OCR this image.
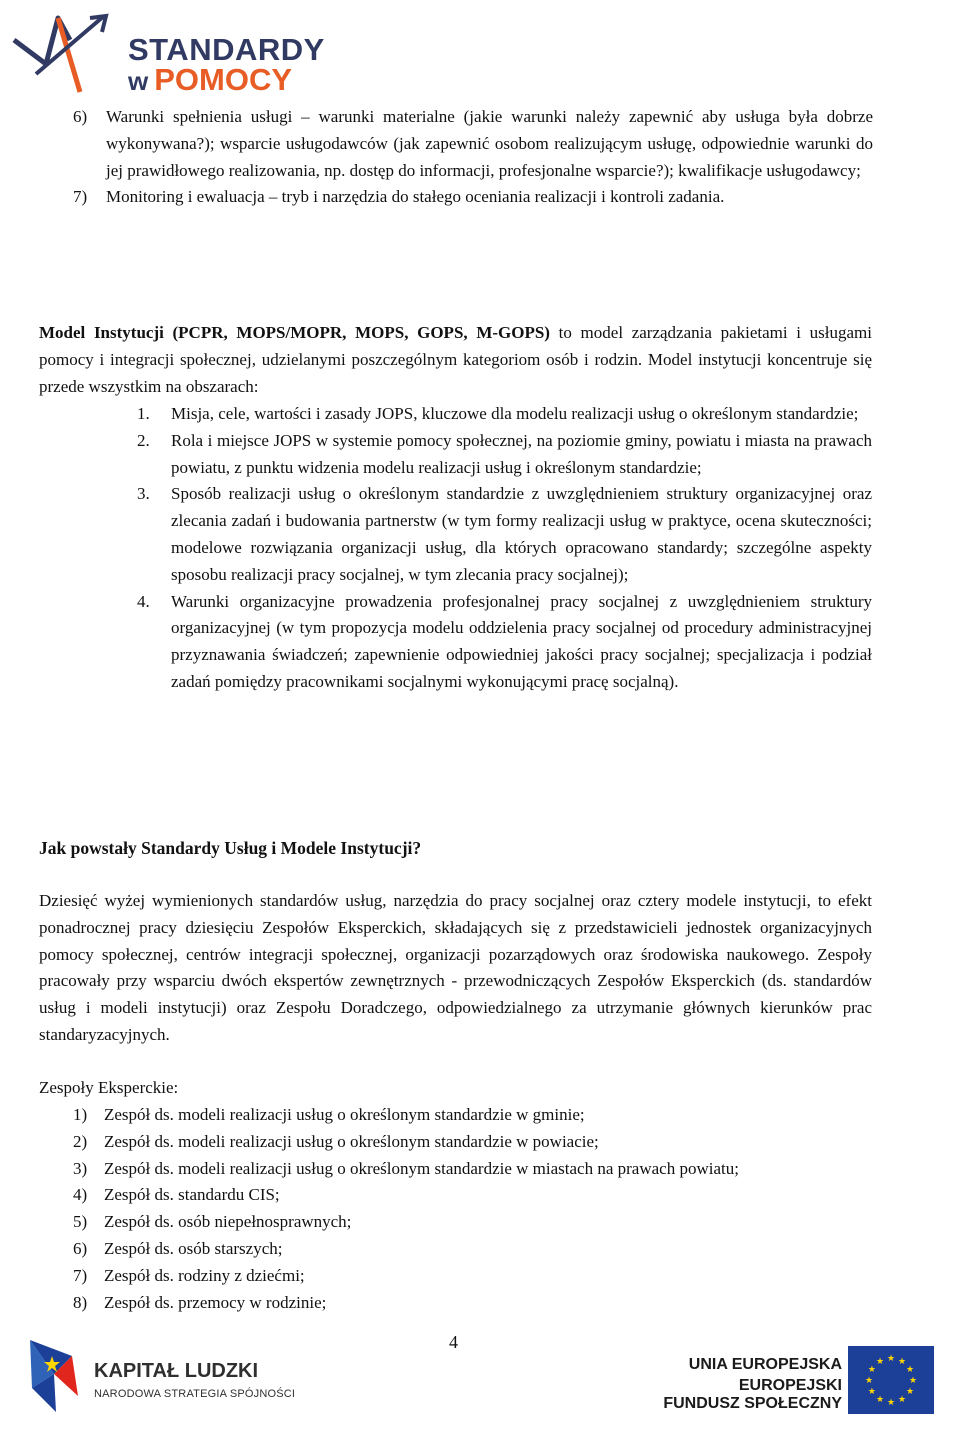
STANDARDY
w POMOCY
6) Warunki spełnienia usługi – warunki materialne (jakie warunki należy zapewnić aby usługa była dobrze wykonywana?); wsparcie usługodawców (jak zapewnić osobom realizującym usługę, odpowiednie warunki do jej prawidłowego realizowania, np. dostęp do informacji, profesjonalne wsparcie?); kwalifikacje usługodawcy;
7) Monitoring i ewaluacja – tryb i narzędzia do stałego oceniania realizacji i kontroli zadania.

Model Instytucji (PCPR, MOPS/MOPR, MOPS, GOPS, M-GOPS) to model zarządzania pakietami i usługami pomocy i integracji społecznej, udzielanymi poszczególnym kategoriom osób i rodzin. Model instytucji koncentruje się przede wszystkim na obszarach:

1. Misja, cele, wartości i zasady JOPS, kluczowe dla modelu realizacji usług o określonym standardzie;
2. Rola i miejsce JOPS w systemie pomocy społecznej, na poziomie gminy, powiatu i miasta na prawach powiatu, z punktu widzenia modelu realizacji usług i określonym standardzie;
3. Sposób realizacji usług o określonym standardzie z uwzględnieniem struktury organizacyjnej oraz zlecania zadań i budowania partnerstw (w tym formy realizacji usług w praktyce, ocena skuteczności; modelowe rozwiązania organizacji usług, dla których opracowano standardy; szczególne aspekty sposobu realizacji pracy socjalnej, w tym zlecania pracy socjalnej);
4. Warunki organizacyjne prowadzenia profesjonalnej pracy socjalnej z uwzględnieniem struktury organizacyjnej (w tym propozycja modelu oddzielenia pracy socjalnej od procedury administracyjnej przyznawania świadczeń; zapewnienie odpowiedniej jakości pracy socjalnej; specjalizacja i podział zadań pomiędzy pracownikami socjalnymi wykonującymi pracę socjalną).
Jak powstały Standardy Usług i Modele Instytucji?

Dziesięć wyżej wymienionych standardów usług, narzędzia do pracy socjalnej oraz cztery modele instytucji, to efekt ponadrocznej pracy dziesięciu Zespołów Eksperckich, składających się z przedstawicieli jednostek organizacyjnych pomocy społecznej, centrów integracji społecznej, organizacji pozarządowych oraz środowiska naukowego. Zespoły pracowały przy wsparciu dwóch ekspertów zewnętrznych - przewodniczących Zespołów Eksperckich (ds. standardów usług i modeli instytucji) oraz Zespołu Doradczego, odpowiedzialnego za utrzymanie głównych kierunków prac standaryzacyjnych.

Zespoły Eksperckie:
1) Zespół ds. modeli realizacji usług o określonym standardzie w gminie;
2) Zespół ds. modeli realizacji usług o określonym standardzie w powiacie;
3) Zespół ds. modeli realizacji usług o określonym standardzie w miastach na prawach powiatu;
4) Zespół ds. standardu CIS;
5) Zespół ds. osób niepełnosprawnych;
6) Zespół ds. osób starszych;
7) Zespół ds. rodziny z dziećmi;
8) Zespół ds. przemocy w rodzinie;
4
KAPITAŁ LUDZKI
NARODOWA STRATEGIA SPÓJNOŚCI
UNIA EUROPEJSKA
EUROPEJSKI
FUNDUSZ SPOŁECZNY
★ ★
★
★
★
★
★
★
★
★
★
★
